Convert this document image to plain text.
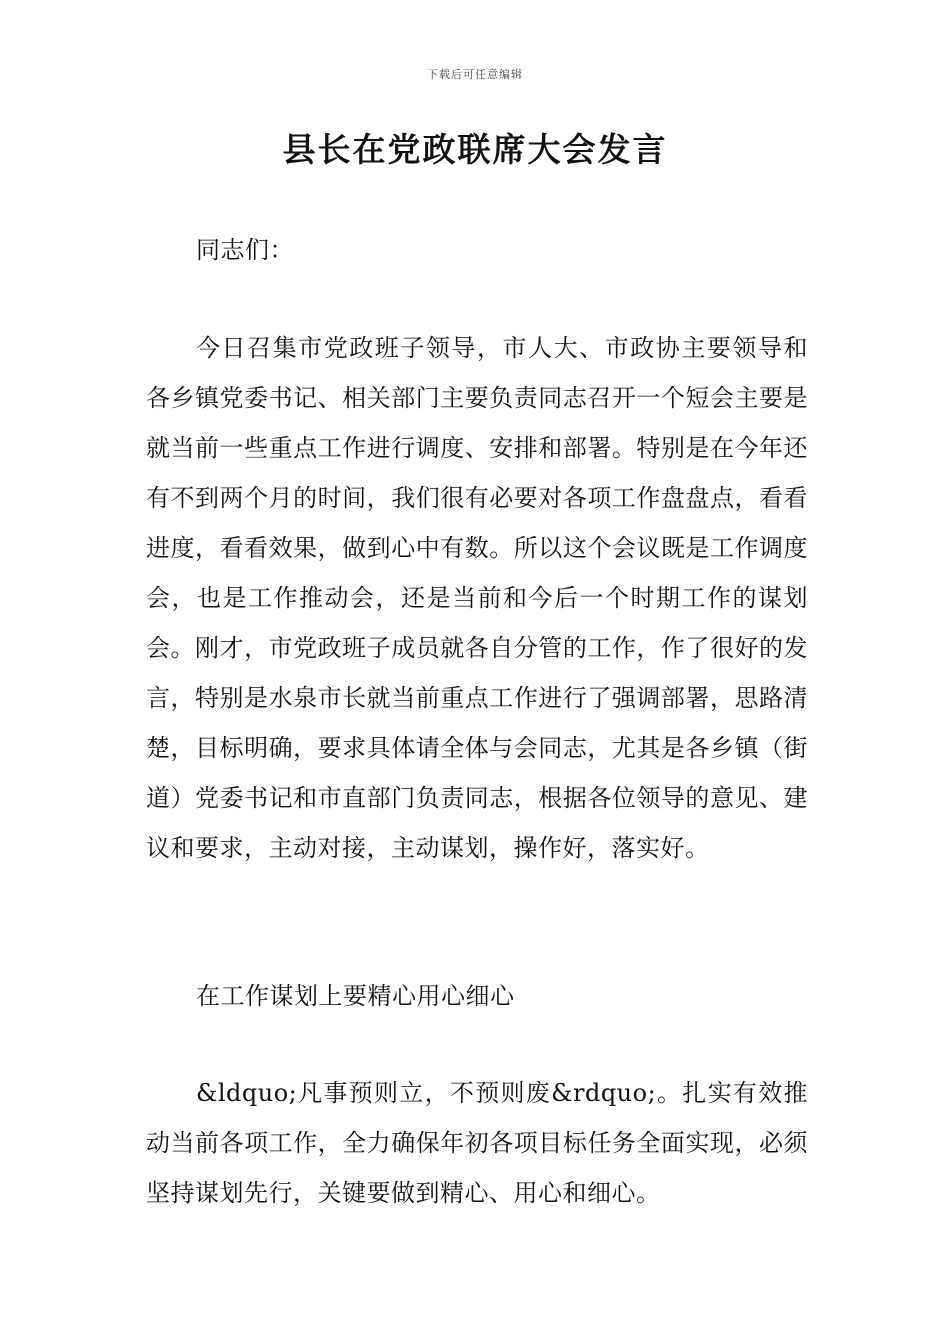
下载后可任意编辑
县长在党政联席大会发言

同志们：

今日召集市党政班子领导，市人大、市政协主要领导和各乡镇党委书记、相关部门主要负责同志召开一个短会主要是就当前一些重点工作进行调度、安排和部署。特别是在今年还有不到两个月的时间，我们很有必要对各项工作盘盘点，看看进度，看看效果，做到心中有数。所以这个会议既是工作调度会，也是工作推动会，还是当前和今后一个时期工作的谋划会。刚才，市党政班子成员就各自分管的工作，作了很好的发言，特别是水泉市长就当前重点工作进行了强调部署，思路清楚，目标明确，要求具体请全体与会同志，尤其是各乡镇（街道）党委书记和市直部门负责同志，根据各位领导的意见、建议和要求，主动对接，主动谋划，操作好，落实好。

在工作谋划上要精心用心细心

&ldquo;凡事预则立，不预则废&rdquo;。扎实有效推动当前各项工作，全力确保年初各项目标任务全面实现，必须坚持谋划先行，关键要做到精心、用心和细心。
